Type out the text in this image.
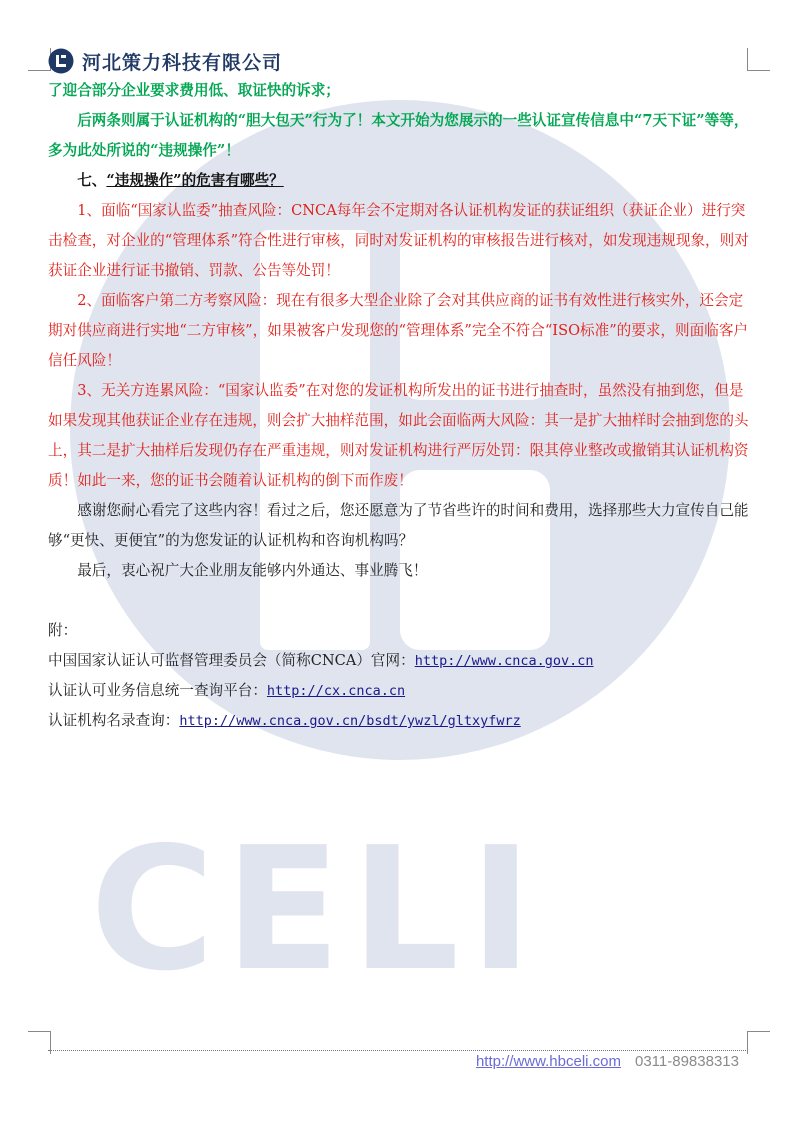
CELI
河北策力科技有限公司

了迎合部分企业要求费用低、取证快的诉求；

后两条则属于认证机构的“胆大包天”行为了！本文开始为您展示的一些认证宣传信息中“7天下证”等等，多为此处所说的“违规操作”！

七、“违规操作”的危害有哪些？

1、面临“国家认监委”抽查风险：CNCA每年会不定期对各认证机构发证的获证组织（获证企业）进行突击检查，对企业的“管理体系”符合性进行审核，同时对发证机构的审核报告进行核对，如发现违规现象，则对获证企业进行证书撤销、罚款、公告等处罚！

2、面临客户第二方考察风险：现在有很多大型企业除了会对其供应商的证书有效性进行核实外，还会定期对供应商进行实地“二方审核”，如果被客户发现您的“管理体系”完全不符合“ISO标准”的要求，则面临客户信任风险！

3、无关方连累风险：“国家认监委”在对您的发证机构所发出的证书进行抽查时，虽然没有抽到您，但是如果发现其他获证企业存在违规，则会扩大抽样范围，如此会面临两大风险：其一是扩大抽样时会抽到您的头上，其二是扩大抽样后发现仍存在严重违规，则对发证机构进行严厉处罚：限其停业整改或撤销其认证机构资质！如此一来，您的证书会随着认证机构的倒下而作废！

感谢您耐心看完了这些内容！看过之后，您还愿意为了节省些许的时间和费用，选择那些大力宣传自己能够“更快、更便宜”的为您发证的认证机构和咨询机构吗？

最后，衷心祝广大企业朋友能够内外通达、事业腾飞！

附：

中国国家认证认可监督管理委员会（简称CNCA）官网：http://www.cnca.gov.cn

认证认可业务信息统一查询平台：http://cx.cnca.cn

认证机构名录查询：http://www.cnca.gov.cn/bsdt/ywzl/gltxyfwrz

http://www.hbceli.com 0311-89838313
